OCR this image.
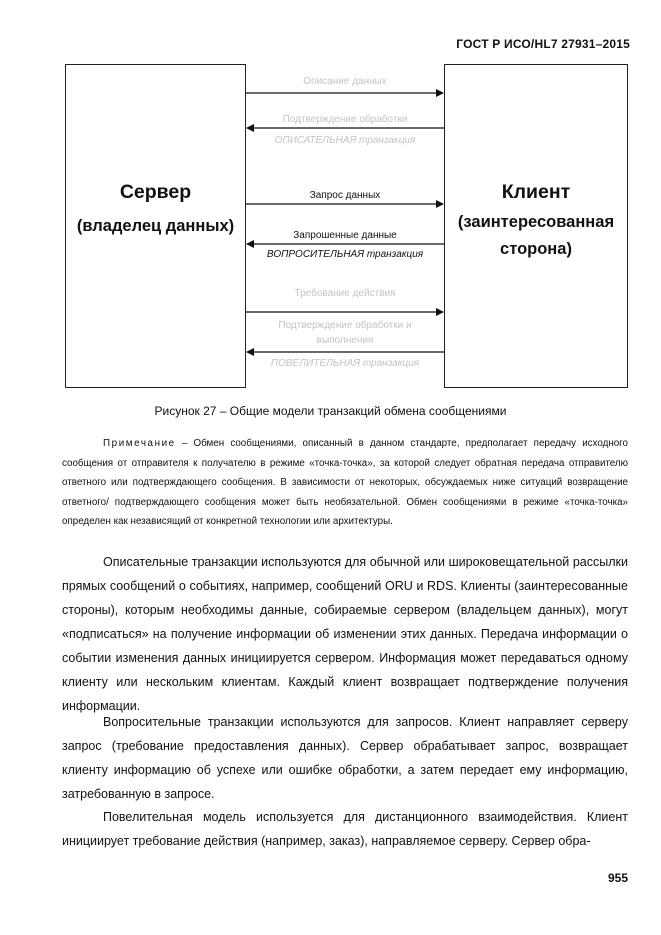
ГОСТ Р ИСО/HL7 27931–2015
Сервер
(владелец данных)
Клиент
(заинтересованная
сторона)
Описание данных
Подтверждение обработки
ОПИСАТЕЛЬНАЯ транзакция
Запрос данных
Запрошенные данные
ВОПРОСИТЕЛЬНАЯ транзакция
Требование действия
Подтверждение обработки и
выполнения
ПОВЕЛИТЕЛЬНАЯ транзакция
Рисунок 27 – Общие модели транзакций обмена сообщениями
Примечание – Обмен сообщениями, описанный в данном стандарте, предполагает передачу исходного сообщения от отправителя к получателю в режиме «точка-точка», за которой следует обратная передача отправителю ответного или подтверждающего сообщения. В зависимости от некоторых, обсуждаемых ниже ситуаций возвращение ответного/ подтверждающего сообщения может быть необязательной. Обмен сообщениями в режиме «точка-точка» определен как независящий от конкретной технологии или архитектуры.
Описательные транзакции используются для обычной или широковещательной рассылки прямых сообщений о событиях, например, сообщений ORU и RDS. Клиенты (заинтересованные стороны), которым необходимы данные, собираемые сервером (владельцем данных), могут «подписаться» на получение информации об изменении этих данных. Передача информации о событии изменения данных инициируется сервером. Информация может передаваться одному клиенту или нескольким клиентам. Каждый клиент возвращает подтверждение получения информации.
Вопросительные транзакции используются для запросов. Клиент направляет серверу запрос (требование предоставления данных). Сервер обрабатывает запрос, возвращает клиенту информацию об успехе или ошибке обработки, а затем передает ему информацию, затребованную в запросе.
Повелительная модель используется для дистанционного взаимодействия. Клиент инициирует требование действия (например, заказ), направляемое серверу. Сервер обра-
955
